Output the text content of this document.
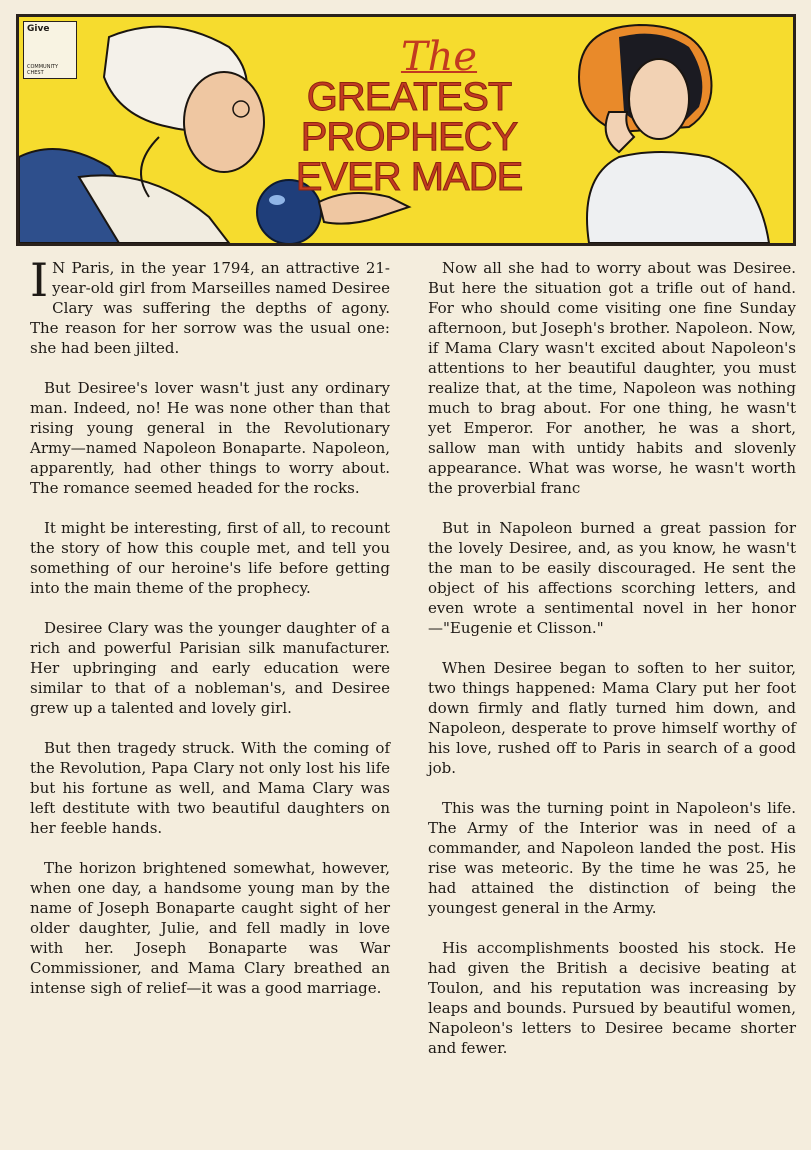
Give
COMMUNITY CHEST	The
GREATEST
PROPHECY
EVER MADE

I N Paris, in the year 1794, an attractive 21-year-old girl from Marseilles named Desiree Clary was suffering the depths of agony. The reason for her sorrow was the usual one: she had been jilted.

But Desiree's lover wasn't just any ordinary man. Indeed, no! He was none other than that rising young general in the Revolutionary Army—named Napoleon Bonaparte. Napoleon, apparently, had other things to worry about. The romance seemed headed for the rocks.

It might be interesting, first of all, to recount the story of how this couple met, and tell you something of our heroine's life before getting into the main theme of the prophecy.

Desiree Clary was the younger daughter of a rich and powerful Parisian silk manufacturer. Her upbringing and early education were similar to that of a nobleman's, and Desiree grew up a talented and lovely girl.

But then tragedy struck. With the coming of the Revolution, Papa Clary not only lost his life but his fortune as well, and Mama Clary was left destitute with two beautiful daughters on her feeble hands.

The horizon brightened somewhat, however, when one day, a handsome young man by the name of Joseph Bonaparte caught sight of her older daughter, Julie, and fell madly in love with her. Joseph Bonaparte was War Commissioner, and Mama Clary breathed an intense sigh of relief—it was a good marriage.

Now all she had to worry about was Desiree. But here the situation got a trifle out of hand. For who should come visiting one fine Sunday afternoon, but Joseph's brother. Napoleon. Now, if Mama Clary wasn't excited about Napoleon's attentions to her beautiful daughter, you must realize that, at the time, Napoleon was nothing much to brag about. For one thing, he wasn't yet Emperor. For another, he was a short, sallow man with untidy habits and slovenly appearance. What was worse, he wasn't worth the proverbial franc

But in Napoleon burned a great passion for the lovely Desiree, and, as you know, he wasn't the man to be easily discouraged. He sent the object of his affections scorching letters, and even wrote a sentimental novel in her honor—"Eugenie et Clisson."

When Desiree began to soften to her suitor, two things happened: Mama Clary put her foot down firmly and flatly turned him down, and Napoleon, desperate to prove himself worthy of his love, rushed off to Paris in search of a good job.

This was the turning point in Napoleon's life. The Army of the Interior was in need of a commander, and Napoleon landed the post. His rise was meteoric. By the time he was 25, he had attained the distinction of being the youngest general in the Army.

His accomplishments boosted his stock. He had given the British a decisive beating at Toulon, and his reputation was increasing by leaps and bounds. Pursued by beautiful women, Napoleon's letters to Desiree became shorter and fewer.
